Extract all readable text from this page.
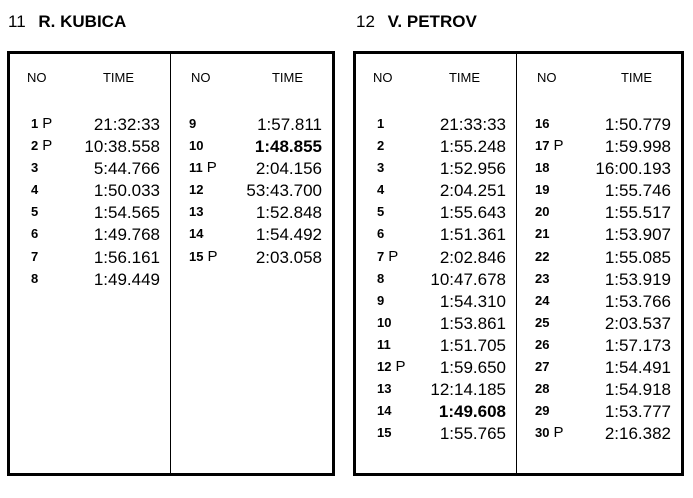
11 R. KUBICA
NO	TIME
1 P 21:32:33
2 P 10:38.558
3	5:44.766
4	1:50.033
5	1:54.565
6	1:49.768
7	1:56.161
8	1:49.449
NO	TIME
9	1:57.811
10	1:48.855
11 P 2:04.156
12	53:43.700
13	1:52.848
14	1:54.492
15 P 2:03.058
12 V. PETROV
NO	TIME
1	21:33:33
2	1:55.248
3	1:52.956
4	2:04.251
5	1:55.643
6	1:51.361
7 P 2:02.846
8	10:47.678
9	1:54.310
10	1:53.861
11	1:51.705
12 P 1:59.650
13 12:14.185
14	1:49.608
15	1:55.765
NO	TIME
16	1:50.779
17 P 1:59.998
18	16:00.193
19	1:55.746
20	1:55.517
21	1:53.907
22	1:55.085
23	1:53.919
24	1:53.766
25	2:03.537
26	1:57.173
27	1:54.491
28	1:54.918
29	1:53.777
30 P 2:16.382
